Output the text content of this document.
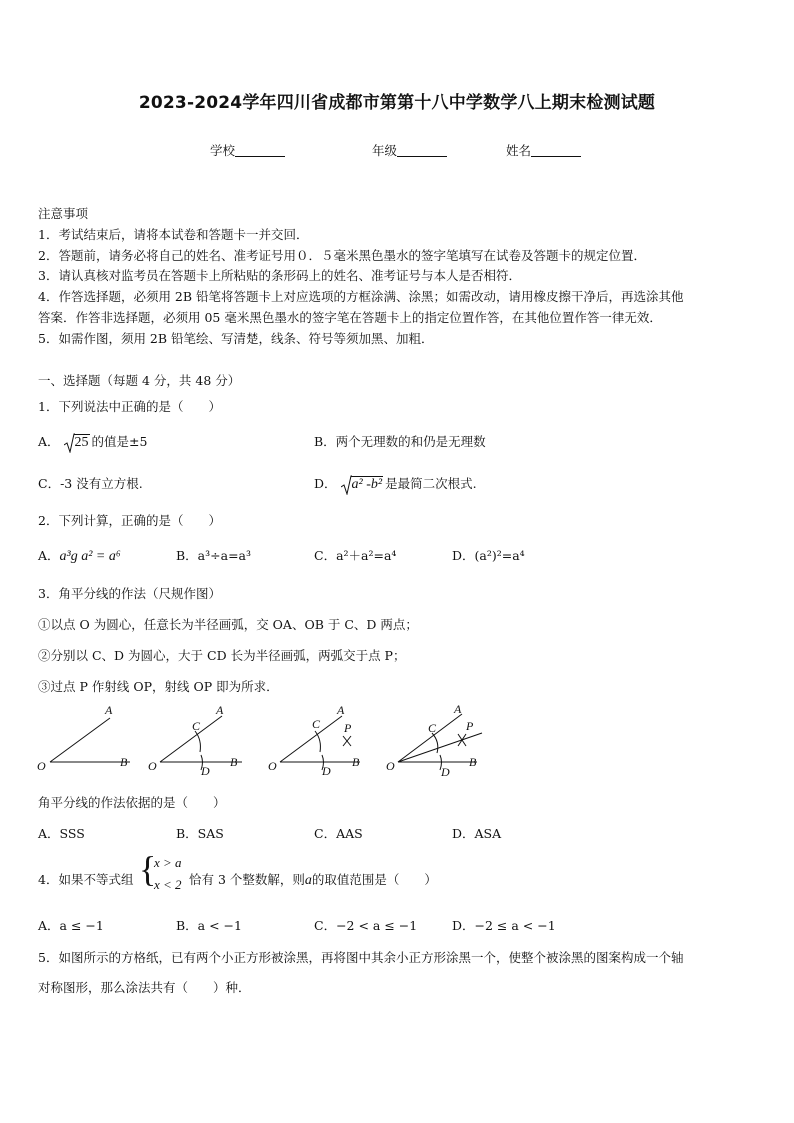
2023-2024学年四川省成都市第第十八中学数学八上期末检测试题
学校	年级	姓名
注意事项
1．考试结束后，请将本试卷和答题卡一并交回．
2．答题前，请务必将自己的姓名、准考证号用０．５毫米黑色墨水的签字笔填写在试卷及答题卡的规定位置．
3．请认真核对监考员在答题卡上所粘贴的条形码上的姓名、准考证号与本人是否相符．
4．作答选择题，必须用 2B 铅笔将答题卡上对应选项的方框涂满、涂黑；如需改动，请用橡皮擦干净后，再选涂其他
答案．作答非选择题，必须用 05 毫米黑色墨水的签字笔在答题卡上的指定位置作答，在其他位置作答一律无效．
5．如需作图，须用 2B 铅笔绘、写清楚，线条、符号等须加黑、加粗．
一、选择题（每题 4 分，共 48 分）
1．下列说法中正确的是（　　）
A． 25 的值是±5	B．两个无理数的和仍是无理数
C．-3 没有立方根.	D． a² -b² 是最简二次根式.
2．下列计算，正确的是（　　）
A．a³g a² = a⁶	B．a³÷a=a³	C．a²＋a²=a⁴	D．(a²)²=a⁴
3．角平分线的作法（尺规作图）
①以点 O 为圆心，任意长为半径画弧，交 OA、OB 于 C、D 两点；
②分别以 C、D 为圆心，大于 CD 长为半径画弧，两弧交于点 P；
③过点 P 作射线 OP，射线 OP 即为所求．
O
A
B O
A
B
C
D	O
A
B
C P
D	O
A
B
C P
D
角平分线的作法依据的是（　　）
A．SSS	B．SAS	C．AAS	D．ASA
4．如果不等式组 {
x > a
x < 2 恰有 3 个整数解，则a的取值范围是（　　）
A．a ≤ −1	B．a < −1	C．−2 < a ≤ −1	D．−2 ≤ a < −1
5．如图所示的方格纸，已有两个小正方形被涂黑，再将图中其余小正方形涂黑一个，使整个被涂黑的图案构成一个轴
对称图形，那么涂法共有（　　）种．
